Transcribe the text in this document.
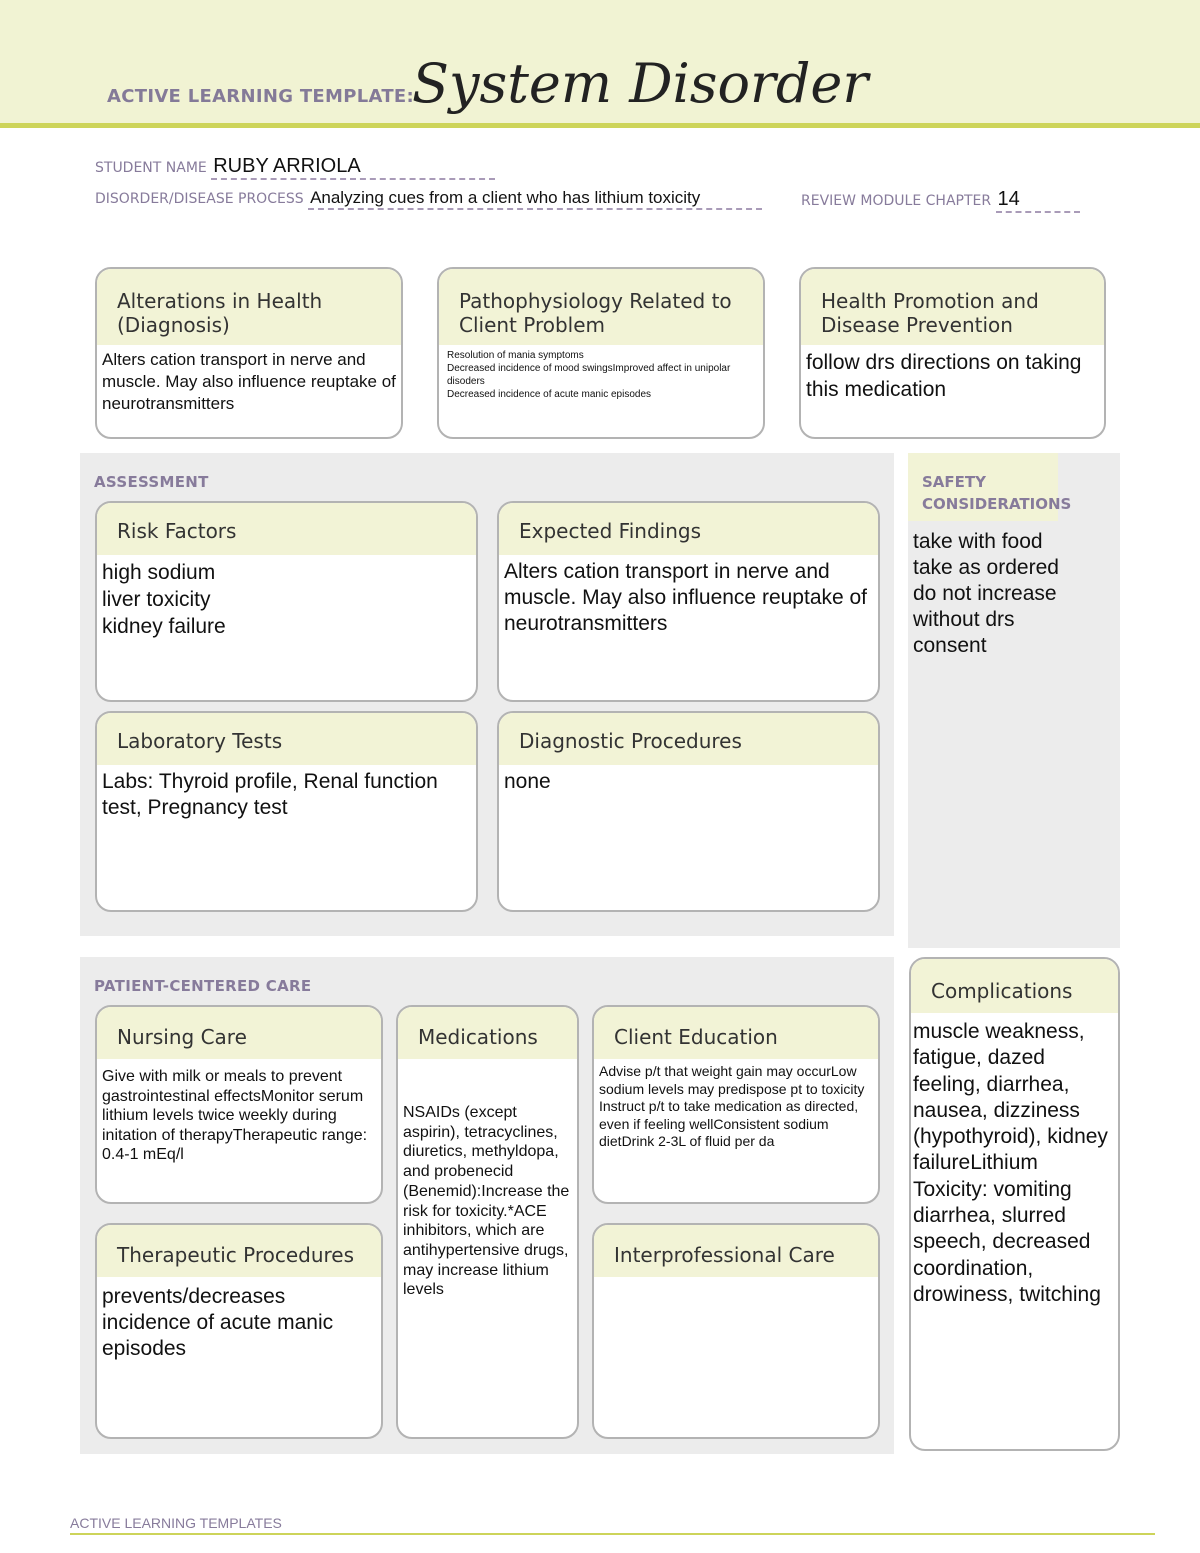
ACTIVE LEARNING TEMPLATE:
System Disorder
STUDENT NAME RUBY ARRIOLA
DISORDER/DISEASE PROCESS Analyzing cues from a client who has lithium toxicity	REVIEW MODULE CHAPTER 14
Alterations in Health (Diagnosis)
Alters cation transport in nerve and muscle. May also influence reuptake of neurotransmitters
Pathophysiology Related to Client Problem
Resolution of mania symptoms
Decreased incidence of mood swingsImproved affect in unipolar disoders
Decreased incidence of acute manic episodes
Health Promotion and Disease Prevention
follow drs directions on taking this medication
ASSESSMENT
Risk Factors
high sodium
liver toxicity
kidney failure
Expected Findings
Alters cation transport in nerve and muscle. May also influence reuptake of neurotransmitters
Laboratory Tests
Labs: Thyroid profile, Renal function test, Pregnancy test
Diagnostic Procedures
none
SAFETY CONSIDERATIONS
take with food
take as ordered
do not increase without drs consent
PATIENT-CENTERED CARE
Nursing Care
Give with milk or meals to prevent gastrointestinal effectsMonitor serum lithium levels twice weekly during initation of therapyTherapeutic range: 0.4-1 mEq/l
Medications
NSAIDs (except aspirin), tetracyclines, diuretics, methyldopa, and probenecid (Benemid):Increase the risk for toxicity.*ACE inhibitors, which are antihypertensive drugs, may increase lithium levels
Client Education
Advise p/t that weight gain may occurLow sodium levels may predispose pt to toxicity Instruct p/t to take medication as directed, even if feeling wellConsistent sodium dietDrink 2-3L of fluid per da
Therapeutic Procedures
prevents/decreases incidence of acute manic episodes
Interprofessional Care
Complications
muscle weakness, fatigue, dazed feeling, diarrhea, nausea, dizziness (hypothyroid), kidney failureLithium Toxicity: vomiting diarrhea, slurred speech, decreased coordination, drowiness, twitching
ACTIVE LEARNING TEMPLATES
